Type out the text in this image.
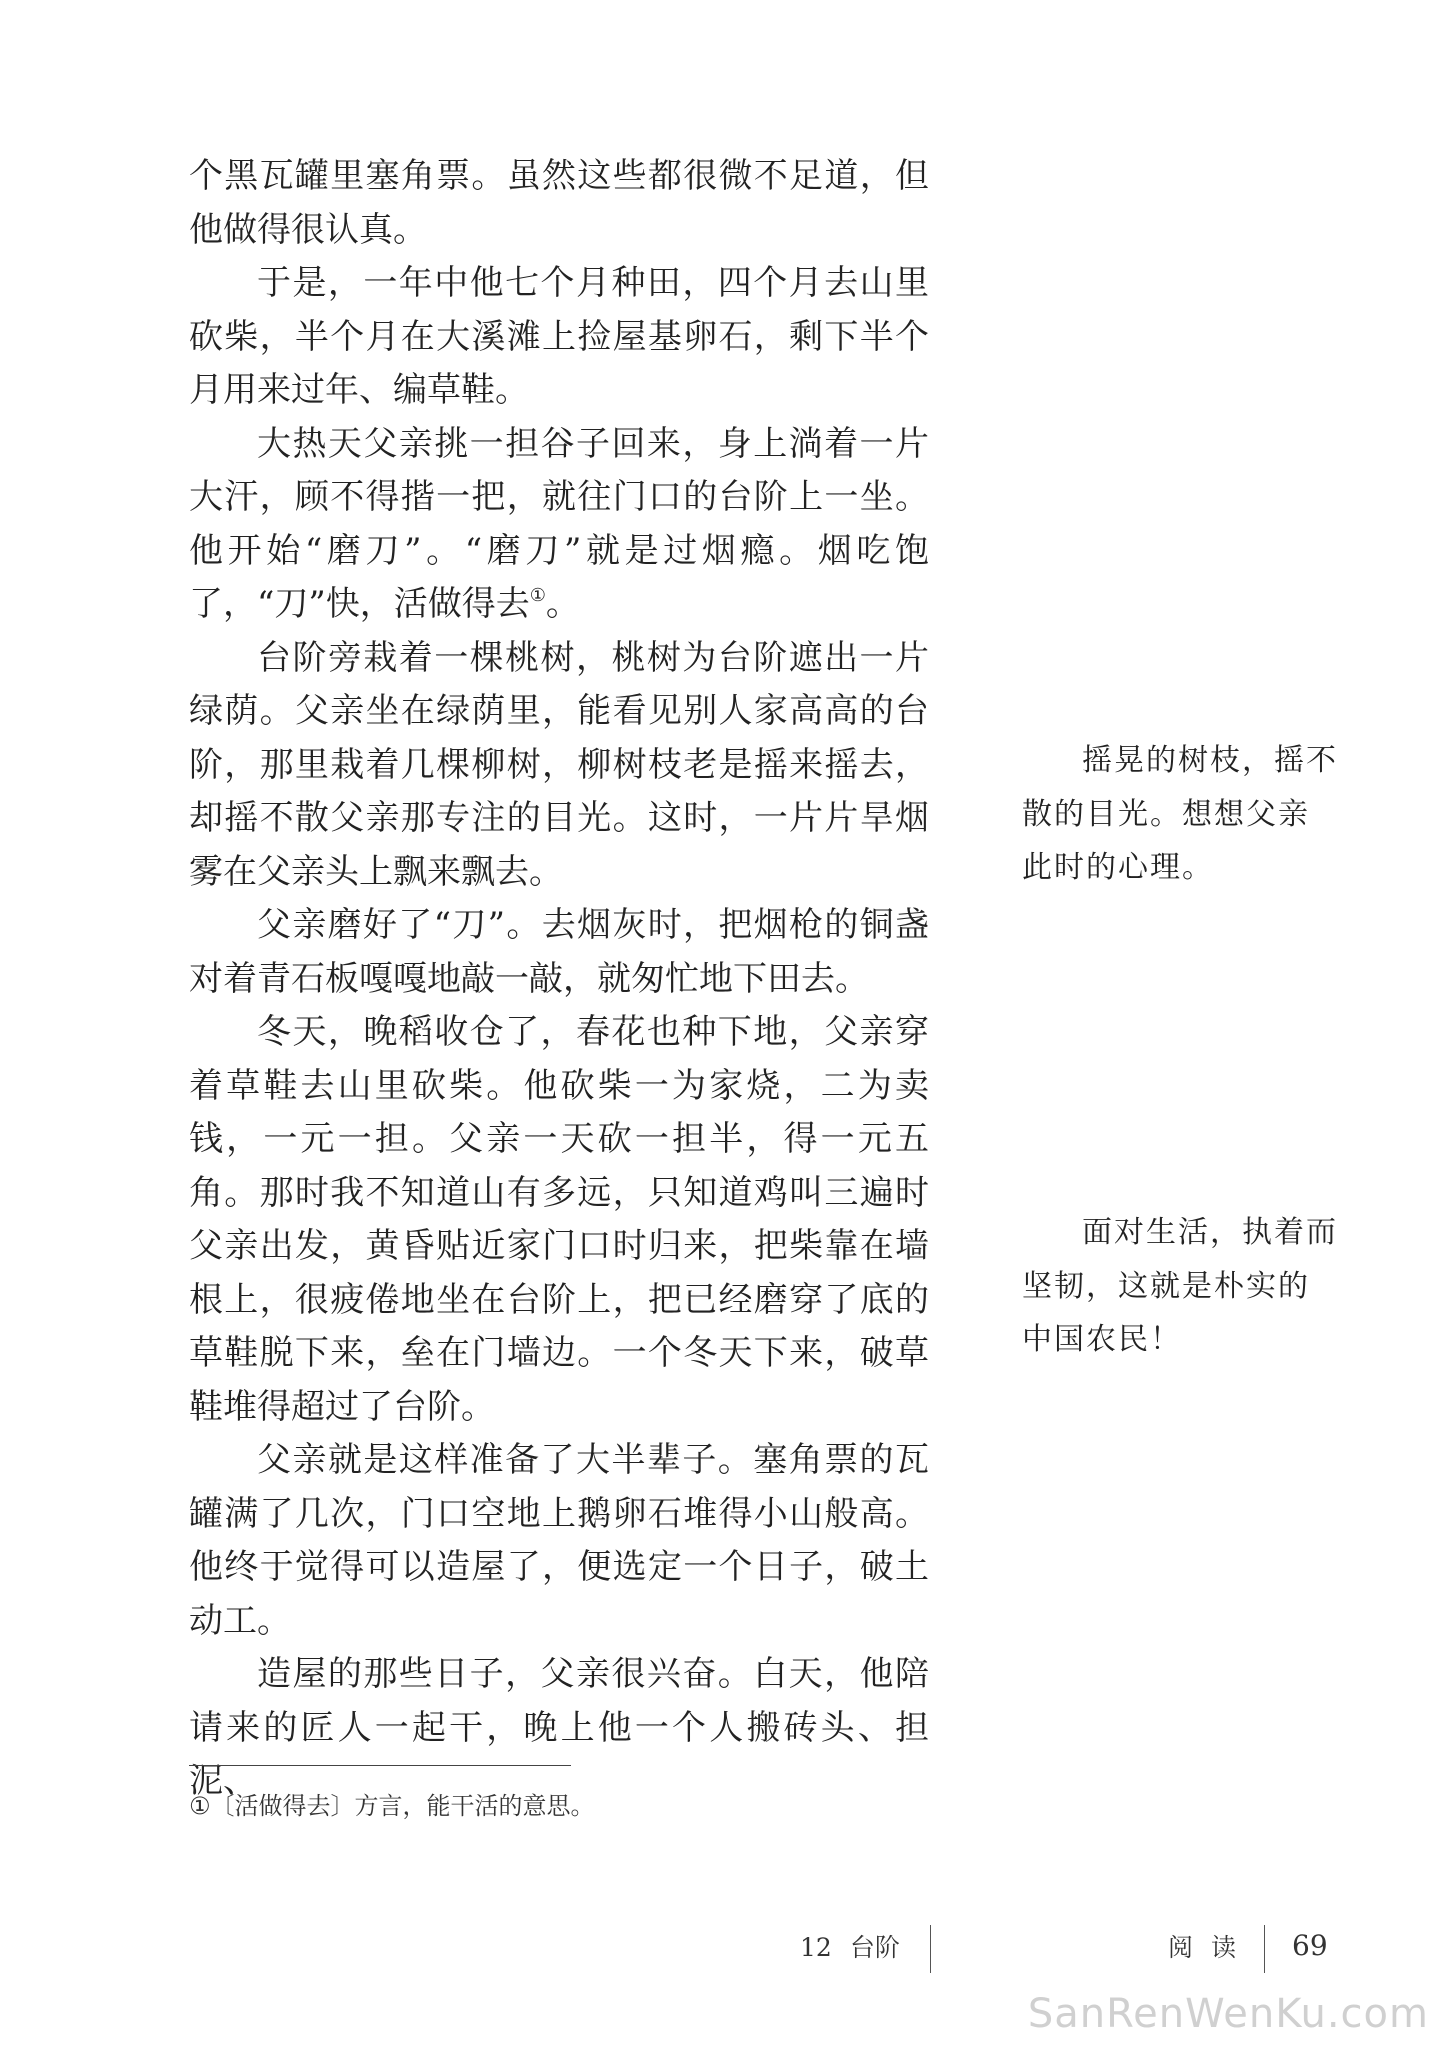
个黑瓦罐里塞角票。虽然这些都很微不足道，但他做得很认真。

于是，一年中他七个月种田，四个月去山里砍柴，半个月在大溪滩上捡屋基卵石，剩下半个月用来过年、编草鞋。

大热天父亲挑一担谷子回来，身上淌着一片大汗，顾不得揩一把，就往门口的台阶上一坐。他开始“磨刀”。“磨刀”就是过烟瘾。烟吃饱了，“刀”快，活做得去①。

台阶旁栽着一棵桃树，桃树为台阶遮出一片绿荫。父亲坐在绿荫里，能看见别人家高高的台阶，那里栽着几棵柳树，柳树枝老是摇来摇去，却摇不散父亲那专注的目光。这时，一片片旱烟雾在父亲头上飘来飘去。

父亲磨好了“刀”。去烟灰时，把烟枪的铜盏对着青石板嘎嘎地敲一敲，就匆忙地下田去。

冬天，晚稻收仓了，春花也种下地，父亲穿着草鞋去山里砍柴。他砍柴一为家烧，二为卖钱，一元一担。父亲一天砍一担半，得一元五角。那时我不知道山有多远，只知道鸡叫三遍时父亲出发，黄昏贴近家门口时归来，把柴靠在墙根上，很疲倦地坐在台阶上，把已经磨穿了底的草鞋脱下来，垒在门墙边。一个冬天下来，破草鞋堆得超过了台阶。

父亲就是这样准备了大半辈子。塞角票的瓦罐满了几次，门口空地上鹅卵石堆得小山般高。他终于觉得可以造屋了，便选定一个日子，破土动工。

造屋的那些日子，父亲很兴奋。白天，他陪请来的匠人一起干，晚上他一个人搬砖头、担泥、

摇晃的树枝，摇不散的目光。想想父亲此时的心理。
面对生活，执着而坚韧，这就是朴实的中国农民！
①〔活做得去〕方言，能干活的意思。
12 台阶	阅读 69
SanRenWenKu.com
